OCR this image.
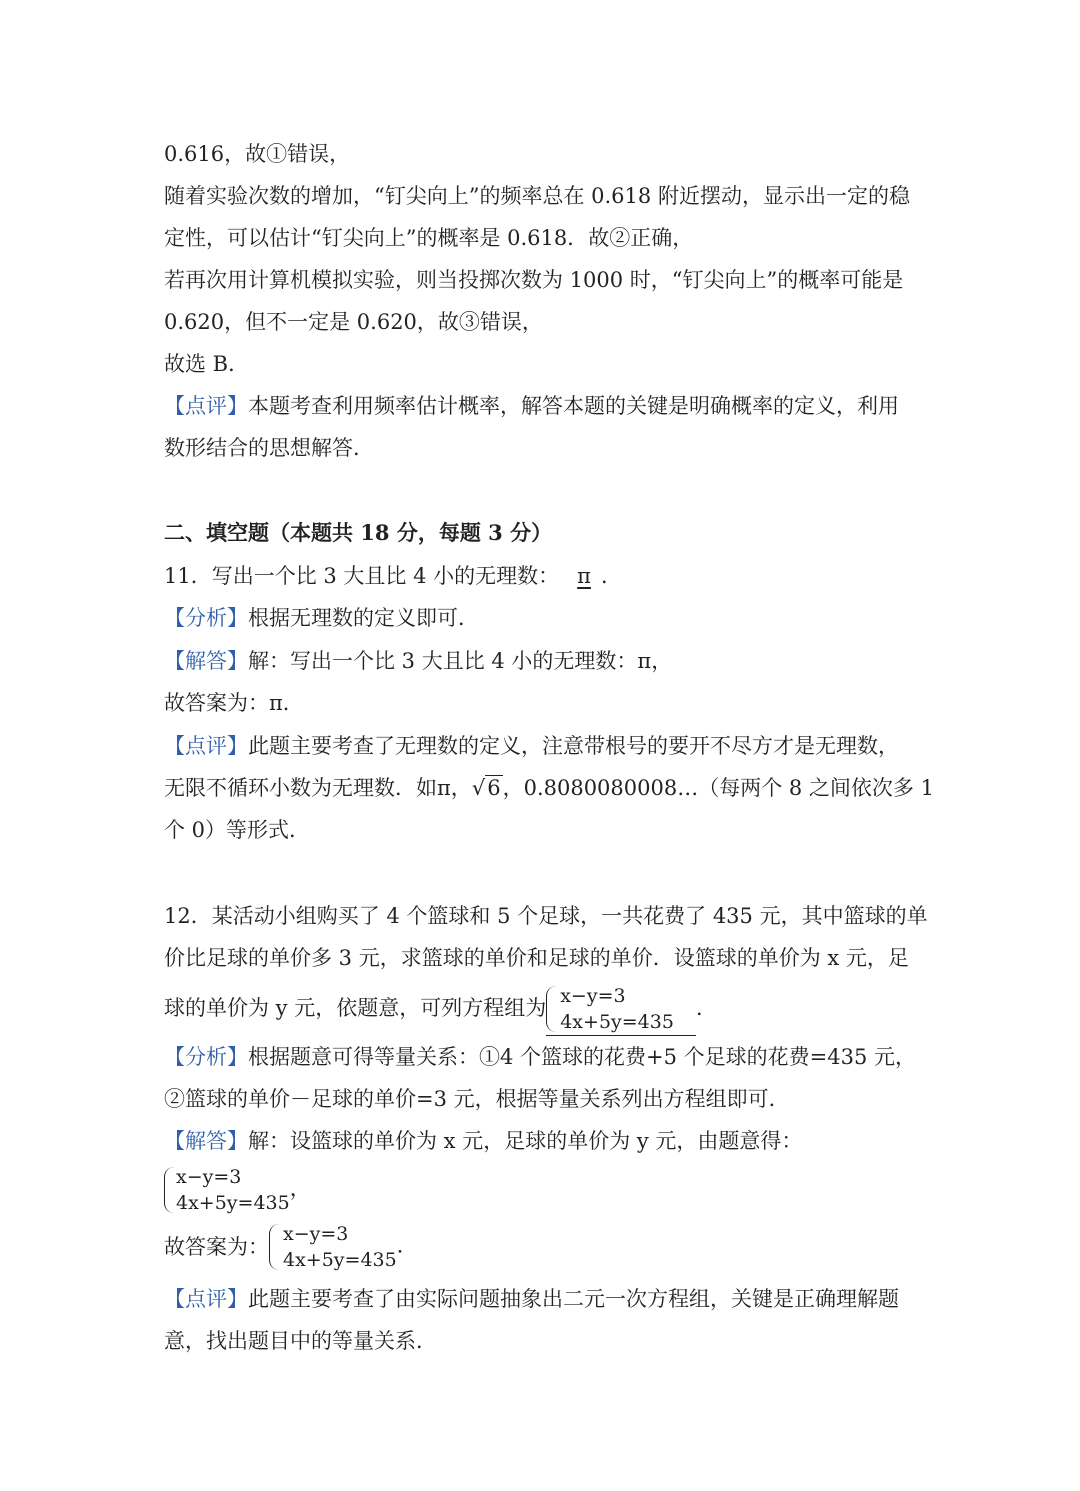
0.616，故①错误，

随着实验次数的增加，“钉尖向上”的频率总在 0.618 附近摆动，显示出一定的稳

定性，可以估计“钉尖向上”的概率是 0.618．故②正确，

若再次用计算机模拟实验，则当投掷次数为 1000 时，“钉尖向上”的概率可能是

0.620，但不一定是 0.620，故③错误，

故选 B．

【点评】本题考查利用频率估计概率，解答本题的关键是明确概率的定义，利用

数形结合的思想解答．

二、填空题（本题共 18 分，每题 3 分）

11．写出一个比 3 大且比 4 小的无理数： π ．

【分析】根据无理数的定义即可．

【解答】解：写出一个比 3 大且比 4 小的无理数：π，

故答案为：π．

【点评】此题主要考查了无理数的定义，注意带根号的要开不尽方才是无理数，

无限不循环小数为无理数．如π，√6，0.8080080008…（每两个 8 之间依次多 1

个 0）等形式．

12．某活动小组购买了 4 个篮球和 5 个足球，一共花费了 435 元，其中篮球的单

价比足球的单价多 3 元，求篮球的单价和足球的单价．设篮球的单价为 x 元，足

球的单价为 y 元，依题意，可列方程组为 x−y=3
4x+5y=435
．

【分析】根据题意可得等量关系：①4 个篮球的花费+5 个足球的花费=435 元，

②篮球的单价－足球的单价=3 元，根据等量关系列出方程组即可．

【解答】解：设篮球的单价为 x 元，足球的单价为 y 元，由题意得：

x−y=3
4x+5y=435
，
故答案为：
x−y=3
4x+5y=435
．

【点评】此题主要考查了由实际问题抽象出二元一次方程组，关键是正确理解题

意，找出题目中的等量关系．
